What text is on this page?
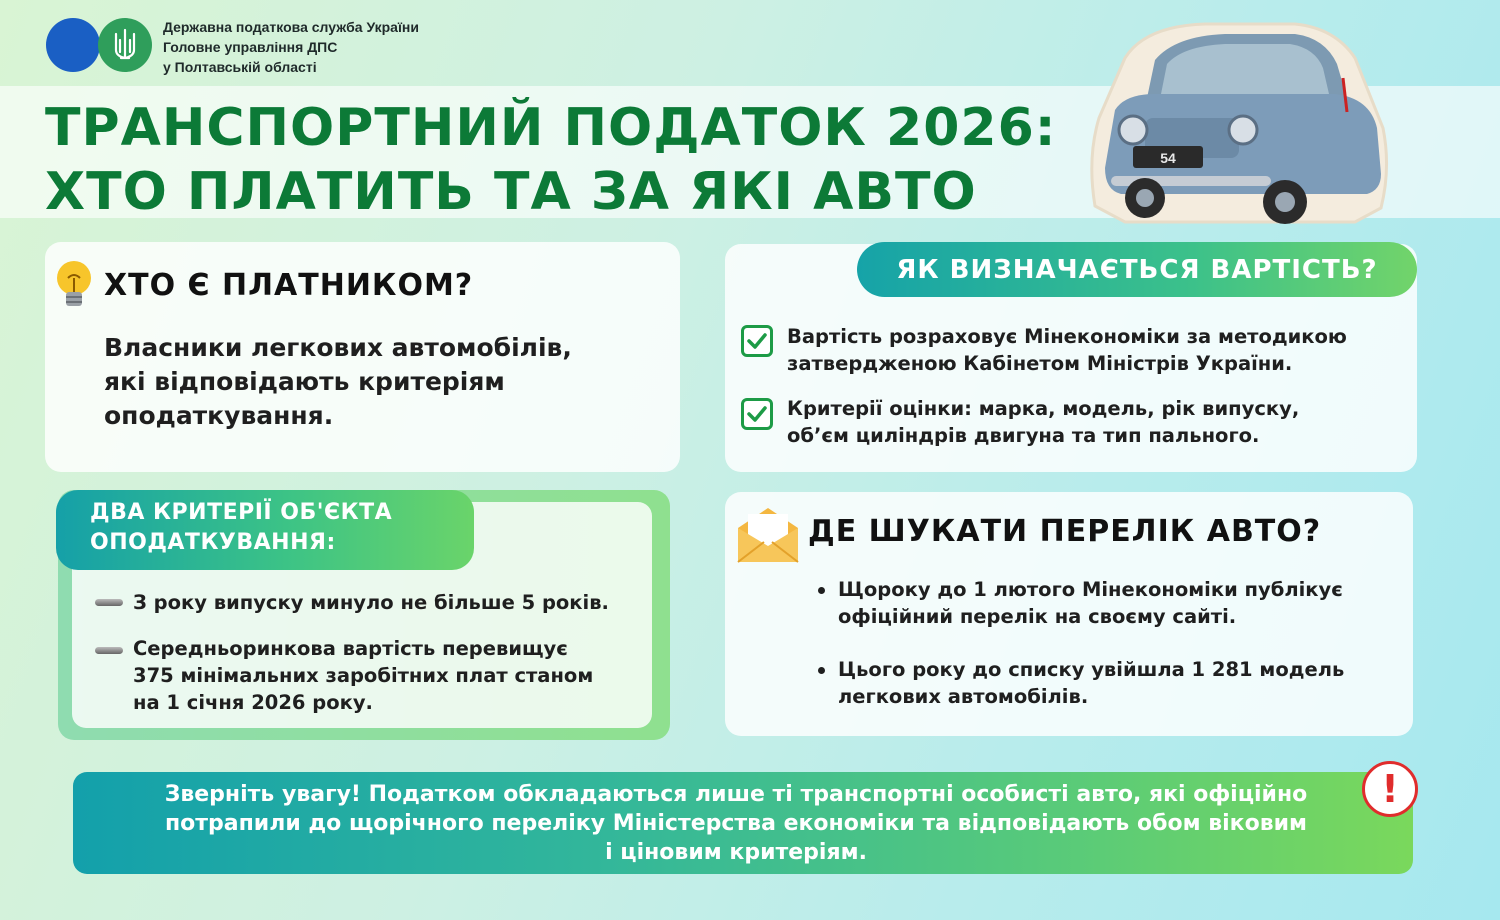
Державна податкова служба України
Головне управління ДПС
у Полтавській області
ТРАНСПОРТНИЙ ПОДАТОК 2026:
ХТО ПЛАТИТЬ ТА ЗА ЯКІ АВТО
54
ХТО Є ПЛАТНИКОМ?
Власники легкових автомобілів,
які відповідають критеріям
оподаткування.
ЯК ВИЗНАЧАЄТЬСЯ ВАРТІСТЬ?
Вартість розраховує Мінекономіки за методикою
затвердженою Кабінетом Міністрів України.
Критерії оцінки: марка, модель, рік випуску,
об’єм циліндрів двигуна та тип пального.
ДВА КРИТЕРІЇ ОБ'ЄКТА
ОПОДАТКУВАННЯ:
З року випуску минуло не більше 5 років.
Середньоринкова вартість перевищує
375 мінімальних заробітних плат станом
на 1 січня 2026 року.
ДЕ ШУКАТИ ПЕРЕЛІК АВТО?
Щороку до 1 лютого Мінекономіки публікує
офіційний перелік на своєму сайті.
Цього року до списку увійшла 1 281 модель
легкових автомобілів.
Зверніть увагу! Податком обкладаються лише ті транспортні особисті авто, які офіційно
потрапили до щорічного переліку Міністерства економіки та відповідають обом віковим
і ціновим критеріям.
!
